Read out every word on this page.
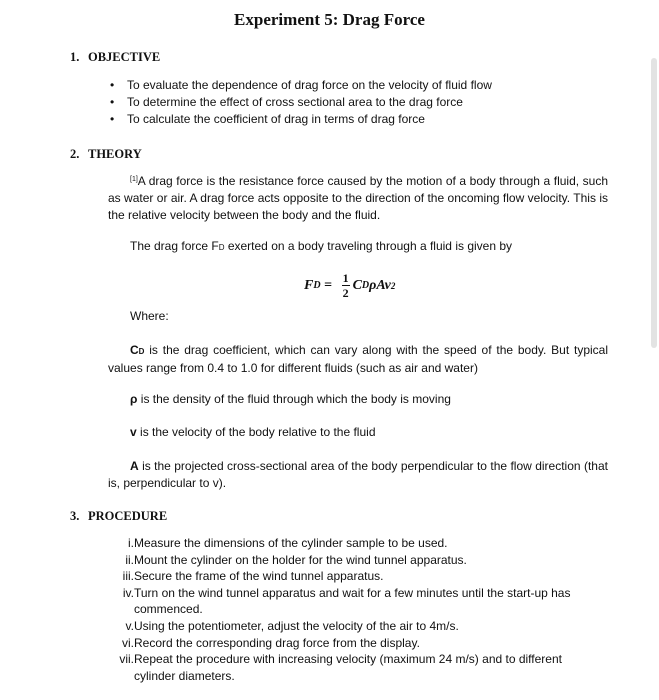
Experiment 5: Drag Force
1. OBJECTIVE
• To evaluate the dependence of drag force on the velocity of fluid flow
• To determine the effect of cross sectional area to the drag force
• To calculate the coefficient of drag in terms of drag force
2. THEORY
[1]A drag force is the resistance force caused by the motion of a body through a fluid, such as water or air. A drag force acts opposite to the direction of the oncoming flow velocity. This is the relative velocity between the body and the fluid.
The drag force FD exerted on a body traveling through a fluid is given by
F $D = \frac{1}{2}$ C D ρAv 2
Where:
CD is the drag coefficient, which can vary along with the speed of the body. But typical values range from 0.4 to 1.0 for different fluids (such as air and water)
ρ is the density of the fluid through which the body is moving
v is the velocity of the body relative to the fluid
A is the projected cross-sectional area of the body perpendicular to the flow direction (that is, perpendicular to v).
3. PROCEDURE
i.Measure the dimensions of the cylinder sample to be used.
ii.Mount the cylinder on the holder for the wind tunnel apparatus.
iii.Secure the frame of the wind tunnel apparatus.
iv.Turn on the wind tunnel apparatus and wait for a few minutes until the start-up has
commenced.
v.Using the potentiometer, adjust the velocity of the air to 4m/s.
vi.Record the corresponding drag force from the display.
vii.Repeat the procedure with increasing velocity (maximum 24 m/s) and to different
cylinder diameters.
